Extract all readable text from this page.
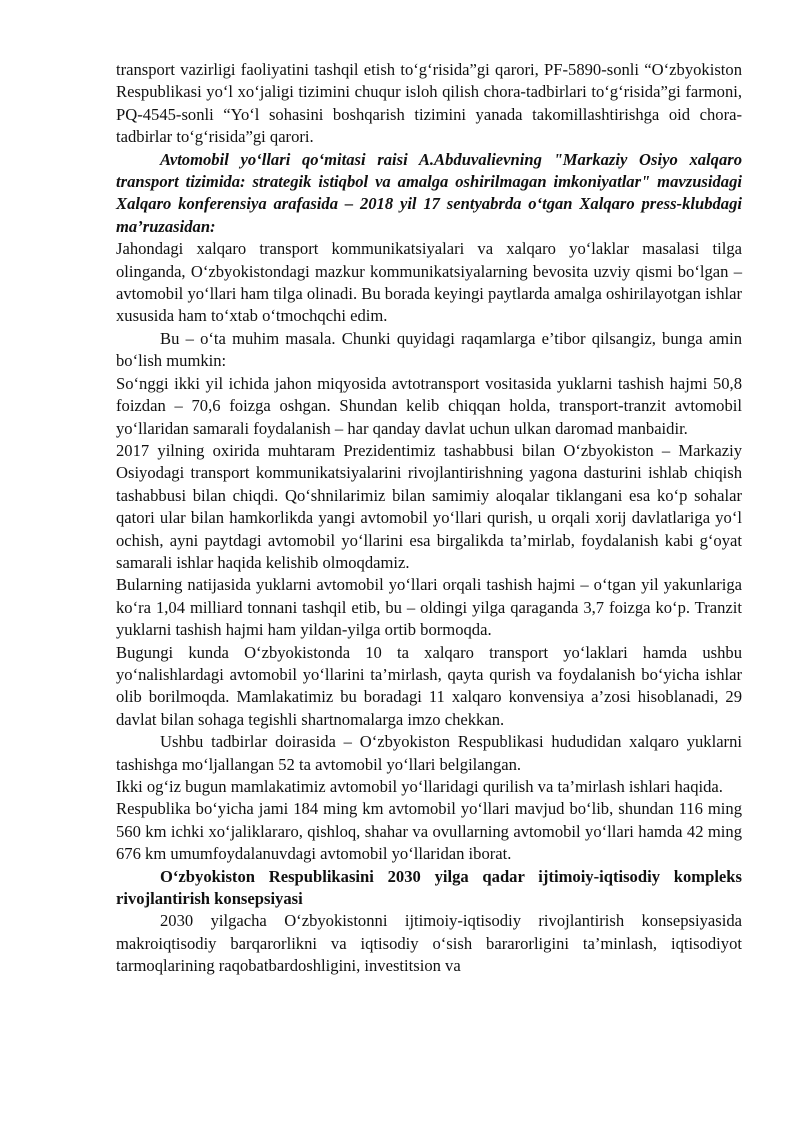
transport vazirligi faoliyatini tashqil etish to‘g‘risida”gi qarori, PF-5890-sonli “O‘zbyokiston Respublikasi yo‘l xo‘jaligi tizimini chuqur isloh qilish chora-tadbirlari to‘g‘risida”gi farmoni, PQ-4545-sonli “Yo‘l sohasini boshqarish tizimini yanada takomillashtirishga oid chora-tadbirlar to‘g‘risida”gi qarori.

Avtomobil yo‘llari qo‘mitasi raisi A.Abduvalievning "Markaziy Osiyo xalqaro transport tizimida: strategik istiqbol va amalga oshirilmagan imkoniyatlar" mavzusidagi Xalqaro konferensiya arafasida – 2018 yil 17 sentyabrda o‘tgan Xalqaro press-klubdagi ma’ruzasidan:

Jahondagi xalqaro transport kommunikatsiyalari va xalqaro yo‘laklar masalasi tilga olinganda, O‘zbyokistondagi mazkur kommunikatsiyalarning bevosita uzviy qismi bo‘lgan – avtomobil yo‘llari ham tilga olinadi. Bu borada keyingi paytlarda amalga oshirilayotgan ishlar xususida ham to‘xtab o‘tmochqchi edim.

Bu – o‘ta muhim masala. Chunki quyidagi raqamlarga e’tibor qilsangiz, bunga amin bo‘lish mumkin:

So‘nggi ikki yil ichida jahon miqyosida avtotransport vositasida yuklarni tashish hajmi 50,8 foizdan – 70,6 foizga oshgan. Shundan kelib chiqqan holda, transport-tranzit avtomobil yo‘llaridan samarali foydalanish – har qanday davlat uchun ulkan daromad manbaidir.

2017 yilning oxirida muhtaram Prezidentimiz tashabbusi bilan O‘zbyokiston – Markaziy Osiyodagi transport kommunikatsiyalarini rivojlantirishning yagona dasturini ishlab chiqish tashabbusi bilan chiqdi. Qo‘shnilarimiz bilan samimiy aloqalar tiklangani esa ko‘p sohalar qatori ular bilan hamkorlikda yangi avtomobil yo‘llari qurish, u orqali xorij davlatlariga yo‘l ochish, ayni paytdagi avtomobil yo‘llarini esa birgalikda ta’mirlab, foydalanish kabi g‘oyat samarali ishlar haqida kelishib olmoqdamiz.

Bularning natijasida yuklarni avtomobil yo‘llari orqali tashish hajmi – o‘tgan yil yakunlariga ko‘ra 1,04 milliard tonnani tashqil etib, bu – oldingi yilga qaraganda 3,7 foizga ko‘p. Tranzit yuklarni tashish hajmi ham yildan-yilga ortib bormoqda.

Bugungi kunda O‘zbyokistonda 10 ta xalqaro transport yo‘laklari hamda ushbu yo‘nalishlardagi avtomobil yo‘llarini ta’mirlash, qayta qurish va foydalanish bo‘yicha ishlar olib borilmoqda. Mamlakatimiz bu boradagi 11 xalqaro konvensiya a’zosi hisoblanadi, 29 davlat bilan sohaga tegishli shartnomalarga imzo chekkan.

Ushbu tadbirlar doirasida – O‘zbyokiston Respublikasi hududidan xalqaro yuklarni tashishga mo‘ljallangan 52 ta avtomobil yo‘llari belgilangan.

Ikki og‘iz bugun mamlakatimiz avtomobil yo‘llaridagi qurilish va ta’mirlash ishlari haqida.

Respublika bo‘yicha jami 184 ming km avtomobil yo‘llari mavjud bo‘lib, shundan 116 ming 560 km ichki xo‘jaliklararo, qishloq, shahar va ovullarning avtomobil yo‘llari hamda 42 ming 676 km umumfoydalanuvdagi avtomobil yo‘llaridan iborat.

O‘zbyokiston Respublikasini 2030 yilga qadar ijtimoiy-iqtisodiy kompleks rivojlantirish konsepsiyasi

2030 yilgacha O‘zbyokistonni ijtimoiy-iqtisodiy rivojlantirish konsepsiyasida makroiqtisodiy barqarorlikni va iqtisodiy o‘sish bararorligini ta’minlash, iqtisodiyot tarmoqlarining raqobatbardoshligini, investitsion va
